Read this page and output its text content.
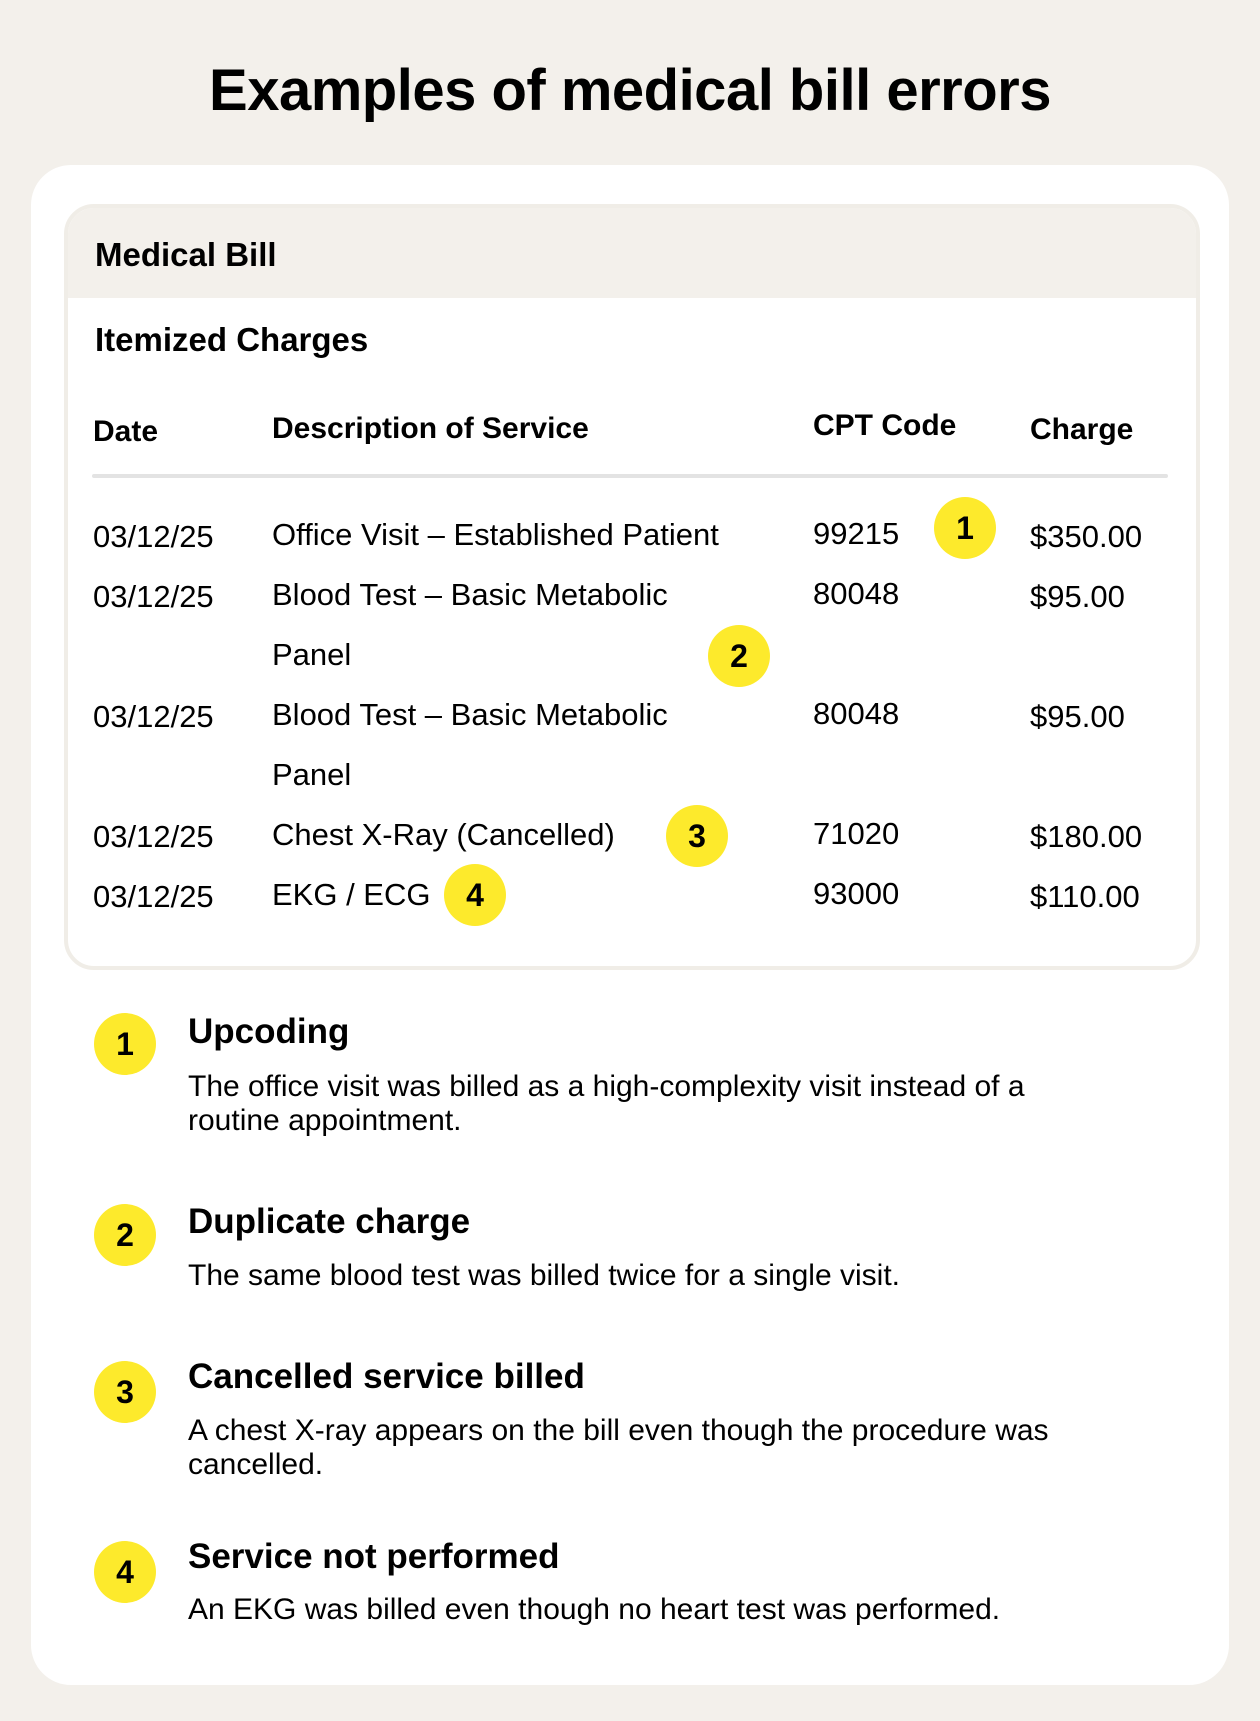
Examples of medical bill errors
Medical Bill
Itemized Charges
Date	Description of Service	CPT Code Charge
03/12/25 Office Visit – Established Patient	99215	$350.00
03/12/25 Blood Test – Basic Metabolic
Panel
80048	$95.00
03/12/25 Blood Test – Basic Metabolic
Panel
80048	$95.00
03/12/25 Chest X-Ray (Cancelled)	71020	$180.00
03/12/25 EKG / ECG	93000	$110.00
1
2
3
4
1	Upcoding
The office visit was billed as a high-complexity visit instead of a
routine appointment.
2	Duplicate charge
The same blood test was billed twice for a single visit.
3	Cancelled service billed
A chest X-ray appears on the bill even though the procedure was
cancelled.
4	Service not performed
An EKG was billed even though no heart test was performed.
